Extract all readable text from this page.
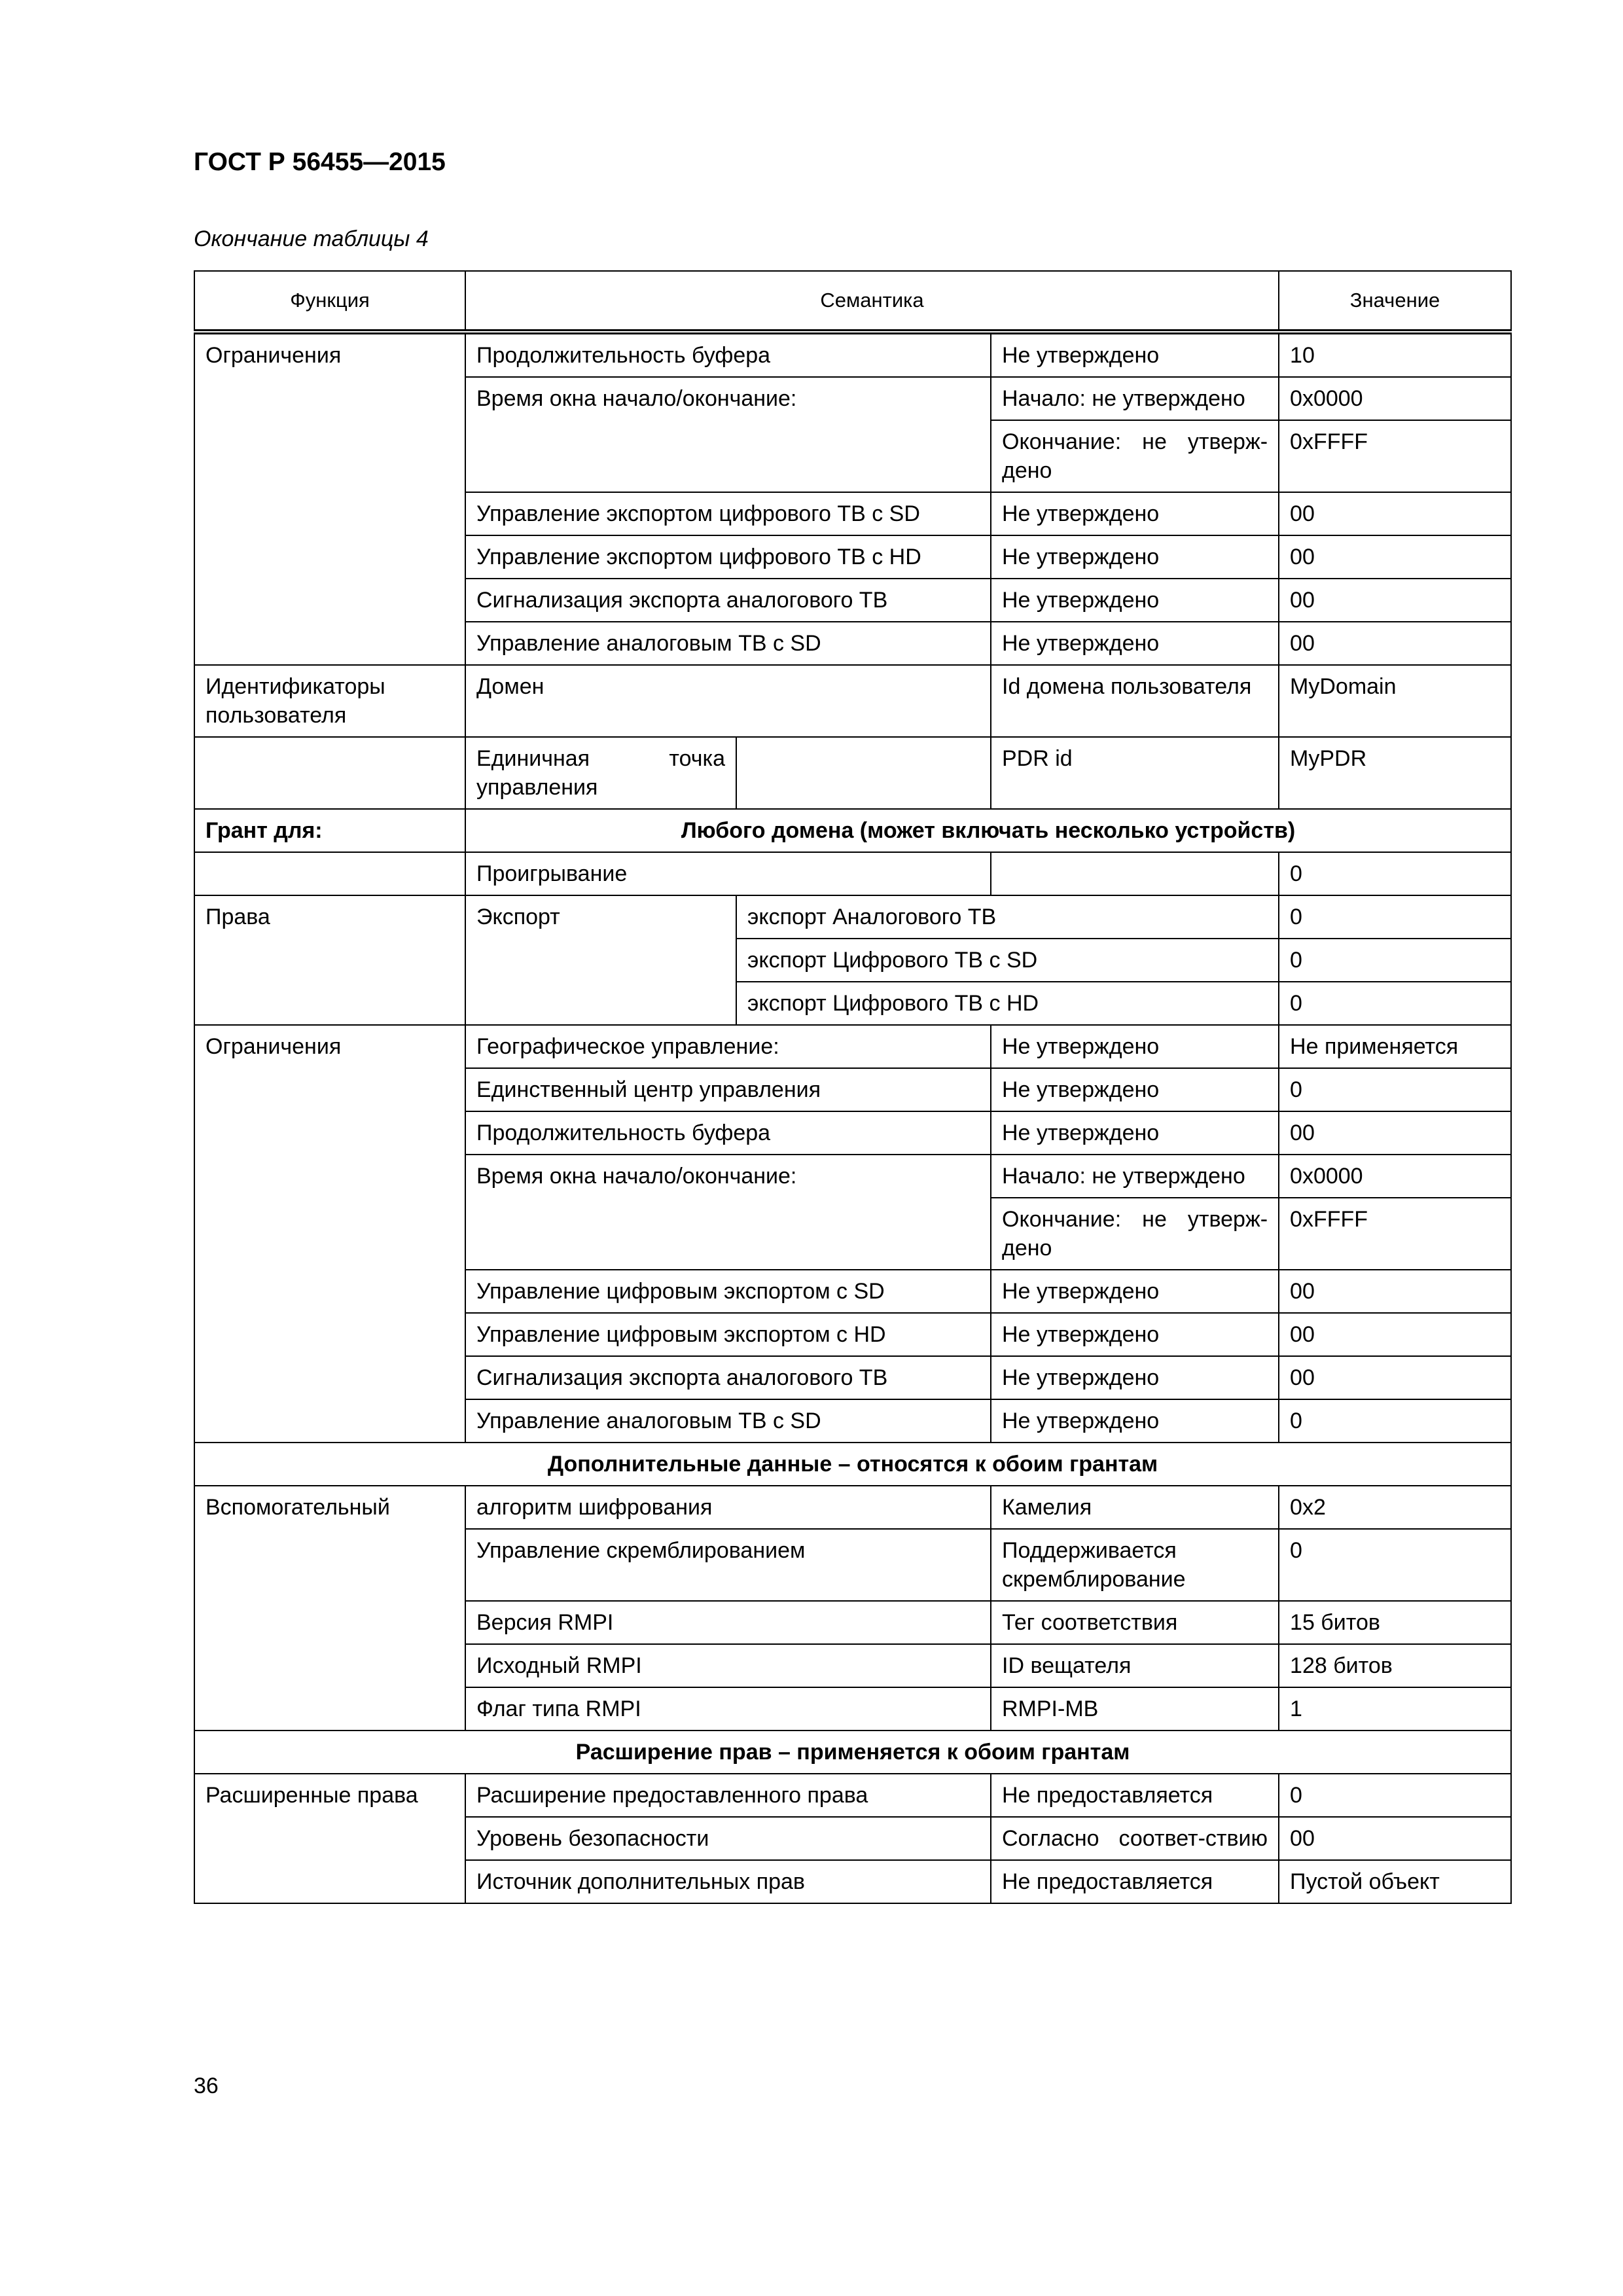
ГОСТ Р 56455—2015

Окончание таблицы 4

Функция	Семантика			Значение
Ограничения	Продолжительность буфера		Не утверждено	10
	Время окна начало/окончание:		Начало: не утверждено	0x0000
			Окончание: не утверж-дено	0xFFFF
	Управление экспортом цифрового ТВ с SD		Не утверждено	00
	Управление экспортом цифрового ТВ с HD		Не утверждено	00
	Сигнализация экспорта аналогового ТВ		Не утверждено	00
	Управление аналоговым ТВ с SD		Не утверждено	00
Идентификаторы пользователя	Домен		Id домена пользователя	MyDomain
	Единичная точка управления		PDR id	MyPDR
Грант для:	Любого домена (может включать несколько устройств)			
	Проигрывание			0
Права	Экспорт	экспорт Аналогового ТВ		0
		экспорт Цифрового ТВ с SD		0
		экспорт Цифрового ТВ с HD		0
Ограничения	Географическое управление:		Не утверждено	Не применяется
	Единственный центр управления		Не утверждено	0
	Продолжительность буфера		Не утверждено	00
	Время окна начало/окончание:		Начало: не утверждено	0x0000
			Окончание: не утверж-дено	0xFFFF
	Управление цифровым экспортом с SD		Не утверждено	00
	Управление цифровым экспортом с HD		Не утверждено	00
	Сигнализация экспорта аналогового ТВ		Не утверждено	00
	Управление аналоговым ТВ с SD		Не утверждено	0
Дополнительные данные – относятся к обоим грантам				
Вспомогательный	алгоритм шифрования		Камелия	0x2
	Управление скремблированием		Поддерживается скремблирование	0
	Версия RMPI		Тег соответствия	15 битов
	Исходный RMPI		ID вещателя	128 битов
	Флаг типа RMPI		RMPI-MB	1
Расширение прав – применяется к обоим грантам				
Расширенные права	Расширение предоставленного права		Не предоставляется	0
	Уровень безопасности		Согласно соответ-ствию	00
	Источник дополнительных прав		Не предоставляется	Пустой объект

36
